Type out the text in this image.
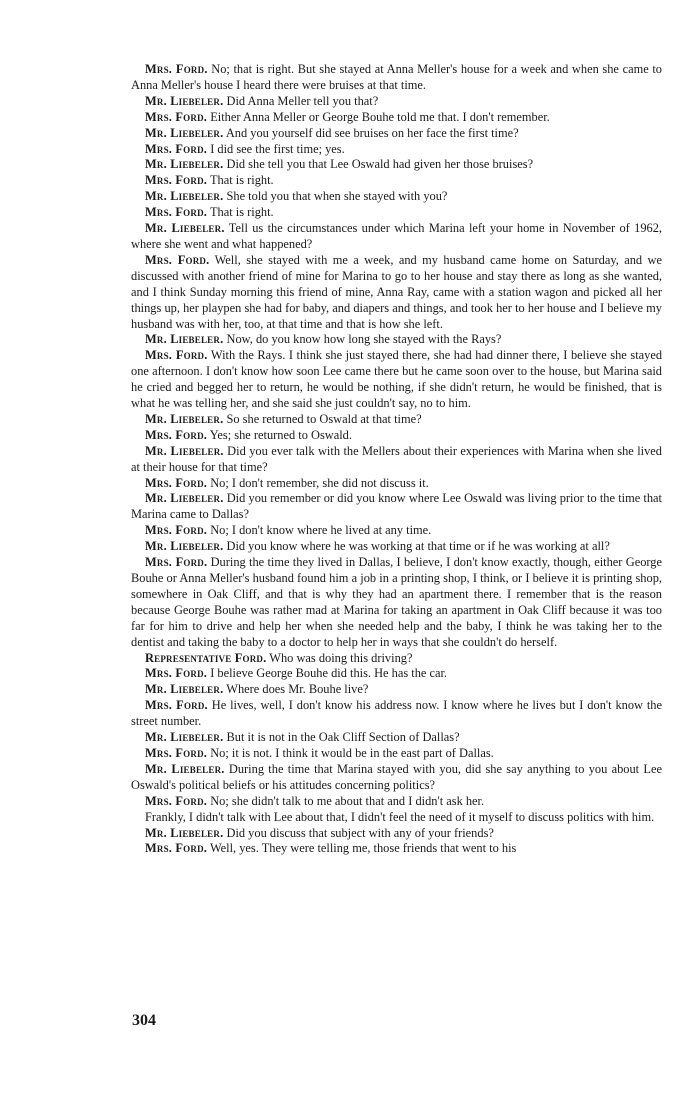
Mrs. Ford . No; that is right. But she stayed at Anna Meller's house for a week and when she came to Anna Meller's house I heard there were bruises at that time.

Mr. Liebeler . Did Anna Meller tell you that?

Mrs. Ford . Either Anna Meller or George Bouhe told me that. I don't remember.

Mr. Liebeler . And you yourself did see bruises on her face the first time?

Mrs. Ford . I did see the first time; yes.

Mr. Liebeler . Did she tell you that Lee Oswald had given her those bruises?

Mrs. Ford . That is right.

Mr. Liebeler . She told you that when she stayed with you?

Mrs. Ford . That is right.

Mr. Liebeler . Tell us the circumstances under which Marina left your home in November of 1962, where she went and what happened?

Mrs. Ford . Well, she stayed with me a week, and my husband came home on Saturday, and we discussed with another friend of mine for Marina to go to her house and stay there as long as she wanted, and I think Sunday morning this friend of mine, Anna Ray, came with a station wagon and picked all her things up, her playpen she had for baby, and diapers and things, and took her to her house and I believe my husband was with her, too, at that time and that is how she left.

Mr. Liebeler . Now, do you know how long she stayed with the Rays?

Mrs. Ford . With the Rays. I think she just stayed there, she had had dinner there, I believe she stayed one afternoon. I don't know how soon Lee came there but he came soon over to the house, but Marina said he cried and begged her to return, he would be nothing, if she didn't return, he would be finished, that is what he was telling her, and she said she just couldn't say, no to him.

Mr. Liebeler . So she returned to Oswald at that time?

Mrs. Ford . Yes; she returned to Oswald.

Mr. Liebeler . Did you ever talk with the Mellers about their experiences with Marina when she lived at their house for that time?

Mrs. Ford . No; I don't remember, she did not discuss it.

Mr. Liebeler . Did you remember or did you know where Lee Oswald was living prior to the time that Marina came to Dallas?

Mrs. Ford . No; I don't know where he lived at any time.

Mr. Liebeler . Did you know where he was working at that time or if he was working at all?

Mrs. Ford . During the time they lived in Dallas, I believe, I don't know exactly, though, either George Bouhe or Anna Meller's husband found him a job in a printing shop, I think, or I believe it is printing shop, somewhere in Oak Cliff, and that is why they had an apartment there. I remember that is the reason because George Bouhe was rather mad at Marina for taking an apartment in Oak Cliff because it was too far for him to drive and help her when she needed help and the baby, I think he was taking her to the dentist and taking the baby to a doctor to help her in ways that she couldn't do herself.

Representative Ford . Who was doing this driving?

Mrs. Ford . I believe George Bouhe did this. He has the car.

Mr. Liebeler . Where does Mr. Bouhe live?

Mrs. Ford . He lives, well, I don't know his address now. I know where he lives but I don't know the street number.

Mr. Liebeler . But it is not in the Oak Cliff Section of Dallas?

Mrs. Ford . No; it is not. I think it would be in the east part of Dallas.

Mr. Liebeler . During the time that Marina stayed with you, did she say anything to you about Lee Oswald's political beliefs or his attitudes concerning politics?

Mrs. Ford . No; she didn't talk to me about that and I didn't ask her.

Frankly, I didn't talk with Lee about that, I didn't feel the need of it myself to discuss politics with him.

Mr. Liebeler . Did you discuss that subject with any of your friends?

Mrs. Ford . Well, yes. They were telling me, those friends that went to his

304
